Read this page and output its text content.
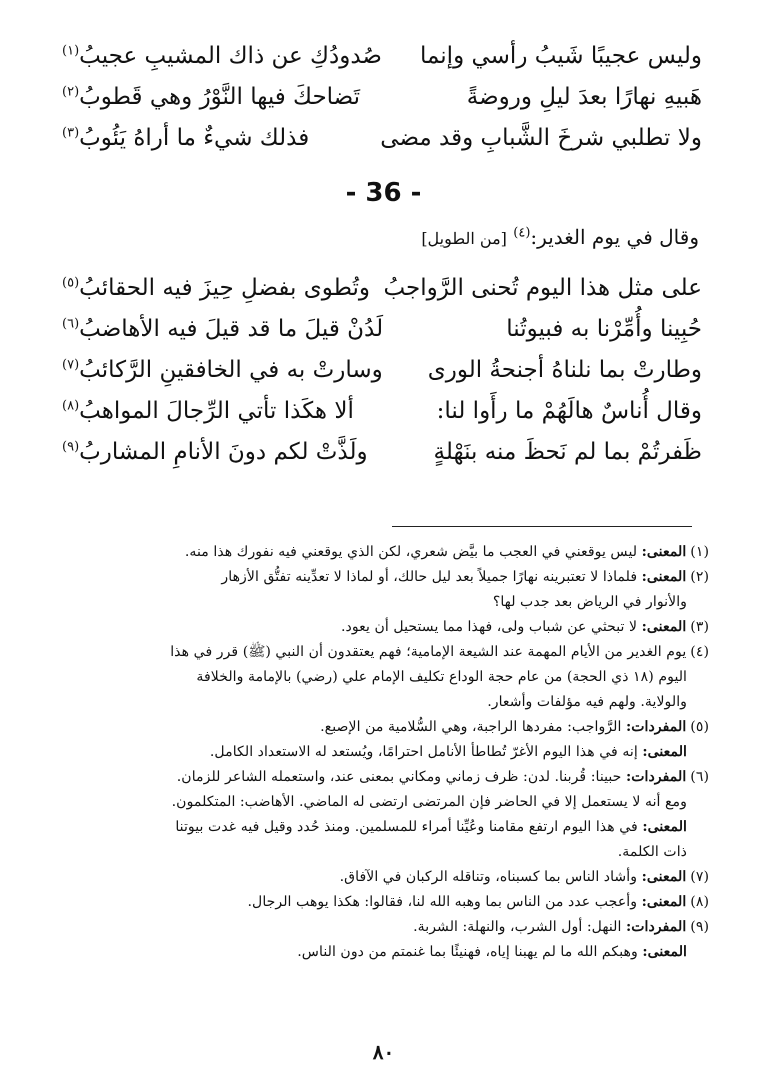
وليس عجيبًا شَيبُ رأسي وإنما
صُدودُكِ عن ذاك المشيبِ عجيبُ$^{(١)}$
هَبيهِ نهارًا بعدَ ليلِ وروضةً
تَضاحكَ فيها النَّوْرُ وهي قَطوبُ$^{(٢)}$
ولا تطلبي شرخَ الشَّبابِ وقد مضى
فذلك شيءٌ ما أراهُ يَئُوبُ$^{(٣)}$
- 36 -
وقال في يوم الغدير:$^{(٤)}$ [من الطويل]
على مثل هذا اليوم تُحنى الرَّواجبُ
وتُطوى بفضلِ حِيزَ فيه الحقائبُ$^{(٥)}$
حُبِينا وأُمِّرْنا به فبيوتُنا
لَدُنْ قيلَ ما قد قيلَ فيه الأهاضبُ$^{(٦)}$
وطارتْ بما نلناهُ أجنحةُ الورى
وسارتْ به في الخافقينِ الرَّكائبُ$^{(٧)}$
وقال أُناسٌ هالَهُمْ ما رأَوا لنا:
ألا هكَذا تأتي الرِّجالَ المواهبُ$^{(٨)}$
ظَفرتُمْ بما لم نَحظَ منه بنَهْلةٍ
ولَذَّتْ لكم دونَ الأنامِ المشاربُ$^{(٩)}$
(١)المعنى: ليس يوقعني في العجب ما بيَّض شعري، لكن الذي يوقعني فيه نفورك هذا منه.
(٢)المعنى: فلماذا لا تعتبرينه نهارًا جميلاً بعد ليل حالك، أو لماذا لا تعدِّينه تفتُّق الأزهار
والأنوار في الرياض بعد جدب لها؟
(٣)المعنى: لا تبحثي عن شباب ولى، فهذا مما يستحيل أن يعود.
(٤)يوم الغدير من الأيام المهمة عند الشيعة الإمامية؛ فهم يعتقدون أن النبي (ﷺ) قرر في هذا
اليوم (١٨ ذي الحجة) من عام حجة الوداع تكليف الإمام علي (رضي) بالإمامة والخلافة
والولاية. ولهم فيه مؤلفات وأشعار.
(٥)المفردات: الرَّواجب: مفردها الراجبة، وهي السُّلامية من الإصبع.
المعنى: إنه في هذا اليوم الأغرّ تُطاطأ الأنامل احترامًا، ويُستعد له الاستعداد الكامل.
(٦)المفردات: حبينا: قُربنا. لدن: ظرف زماني ومكاني بمعنى عند، واستعمله الشاعر للزمان.
ومع أنه لا يستعمل إلا في الحاضر فإن المرتضى ارتضى له الماضي. الأهاضب: المتكلمون.
المعنى: في هذا اليوم ارتفع مقامنا وعُيِّنا أمراء للمسلمين. ومنذ حُدد وقيل فيه غدت بيوتنا
ذات الكلمة.
(٧)المعنى: وأشاد الناس بما كسبناه، وتناقله الركبان في الآفاق.
(٨)المعنى: وأعجب عدد من الناس بما وهبه الله لنا، فقالوا: هكذا يوهب الرجال.
(٩)المفردات: النهل: أول الشرب، والنهلة: الشربة.
المعنى: وهبكم الله ما لم يهبنا إياه، فهنيئًا بما غنمتم من دون الناس.
٨٠
